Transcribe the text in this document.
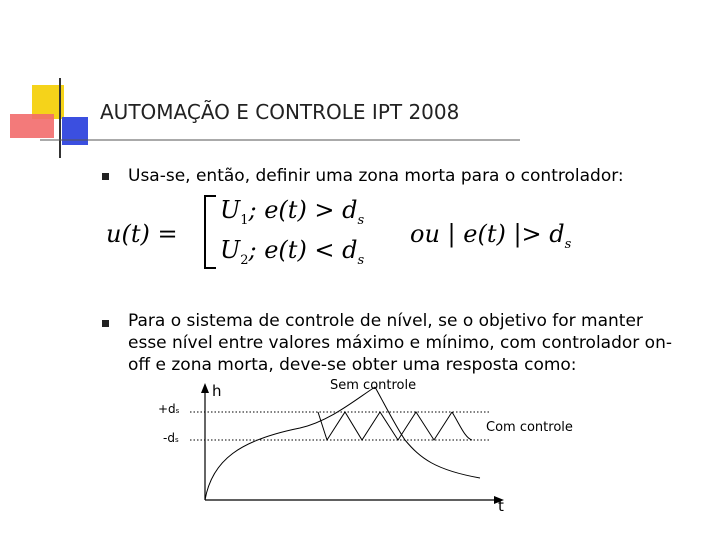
AUTOMAÇÃO E CONTROLE IPT 2008
Usa-se, então, definir uma zona morta para o controlador:
u(t) =
$U_1$; $e(t) > d_s$
$U_2$; $e(t) < d_s$
ou | e(t) |> $d_s$
Para o sistema de controle de nível, se o objetivo for manter
esse nível entre valores máximo e mínimo, com controlador on-
off e zona morta, deve-se obter uma resposta como:
h
+ds
-ds
Sem controle
Com controle
t
